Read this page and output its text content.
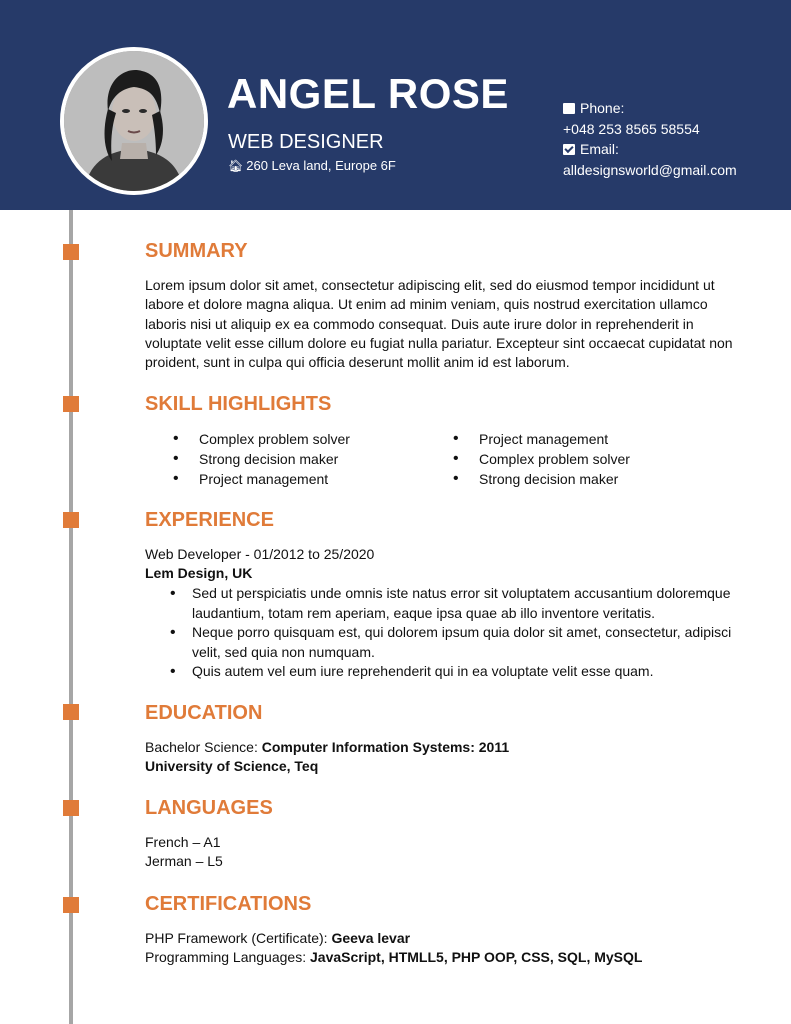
ANGEL ROSE
WEB DESIGNER
🏠︎ 260 Leva land, Europe 6F
Phone:
+048 253 8565 58554
Email:
alldesignsworld@gmail.com
SUMMARY
Lorem ipsum dolor sit amet, consectetur adipiscing elit, sed do eiusmod tempor incididunt ut labore et dolore magna aliqua. Ut enim ad minim veniam, quis nostrud exercitation ullamco laboris nisi ut aliquip ex ea commodo consequat. Duis aute irure dolor in reprehenderit in voluptate velit esse cillum dolore eu fugiat nulla pariatur. Excepteur sint occaecat cupidatat non proident, sunt in culpa qui officia deserunt mollit anim id est laborum.
SKILL HIGHLIGHTS
• Complex problem solver
• Strong decision maker
• Project management
• Project management
• Complex problem solver
• Strong decision maker
EXPERIENCE
Web Developer - 01/2012 to 25/2020
Lem Design, UK
• Sed ut perspiciatis unde omnis iste natus error sit voluptatem accusantium doloremque laudantium, totam rem aperiam, eaque ipsa quae ab illo inventore veritatis.
• Neque porro quisquam est, qui dolorem ipsum quia dolor sit amet, consectetur, adipisci velit, sed quia non numquam.
• Quis autem vel eum iure reprehenderit qui in ea voluptate velit esse quam.
EDUCATION
Bachelor Science: Computer Information Systems: 2011
University of Science, Teq
LANGUAGES
French – A1
Jerman – L5
CERTIFICATIONS
PHP Framework (Certificate): Geeva levar
Programming Languages: JavaScript, HTMLL5, PHP OOP, CSS, SQL, MySQL
